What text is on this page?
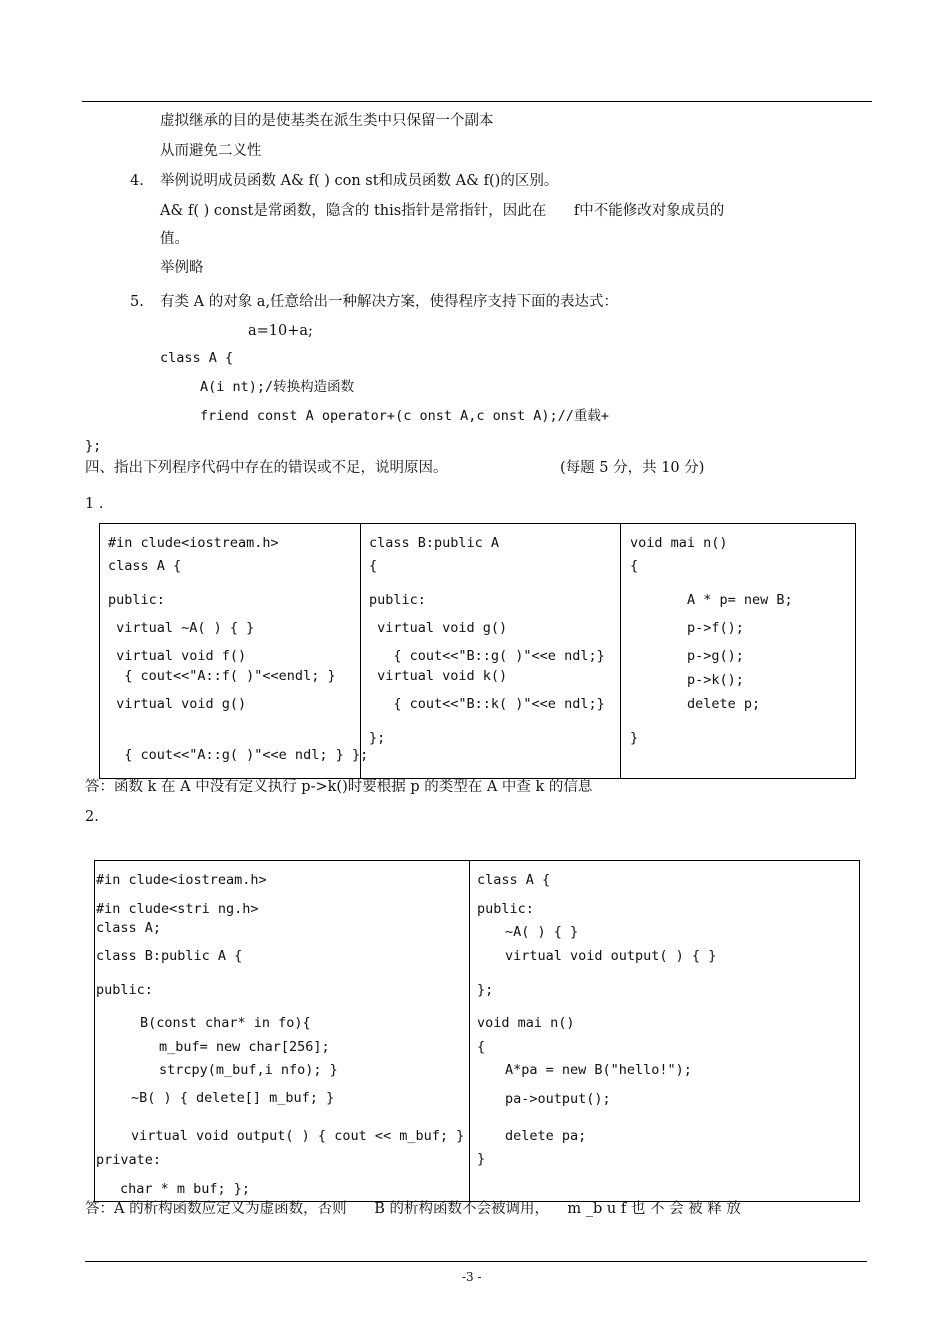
虚拟继承的目的是使基类在派生类中只保留一个副本
从而避免二义性
4. 举例说明成员函数 A& f( ) con st和成员函数 A& f()的区别。
A& f( ) const是常函数，隐含的 this指针是常指针，因此在      f中不能修改对象成员的
值。
举例略
5. 有类 A 的对象 a,任意给出一种解决方案，使得程序支持下面的表达式：
a=10+a;
class A {
A(i nt);/转换构造函数
friend const A operator+(c onst A,c onst A);//重载+
};
四、指出下列程序代码中存在的错误或不足，说明原因。	(每题 5 分，共 10 分)
1 .
#in clude<iostream.h>
class A {
public:
virtual ~A( ) { }
virtual void f()
{ cout<<"A::f( )"<<endl; }
virtual void g()
{ cout<<"A::g( )"<<e ndl; } };
class B:public A
{
public:
virtual void g()
{ cout<<"B::g( )"<<e ndl;}
virtual void k()
{ cout<<"B::k( )"<<e ndl;}
};
void mai n()
{
A * p= new B;
p->f();
p->g();
p->k();
delete p;
}
答：函数 k 在 A 中没有定义执行 p->k()时要根据 p 的类型在 A 中查 k 的信息
2.
#in clude<iostream.h>
#in clude<stri ng.h>
class A;
class B:public A {
public:
B(const char* in fo){
m_buf= new char[256];
strcpy(m_buf,i nfo); }
~B( ) { delete[] m_buf; }
virtual void output( ) { cout << m_buf; }
private:
char * m buf; };
class A {
public:
~A( ) { }
virtual void output( ) { }
};
void mai n()
{
A*pa = new B("hello!");
pa->output();
delete pa;
}
答：A 的析构函数应定义为虚函数，否则      B 的析构函数不会被调用，    m _b u f 也 不 会 被 释 放
-3 -
